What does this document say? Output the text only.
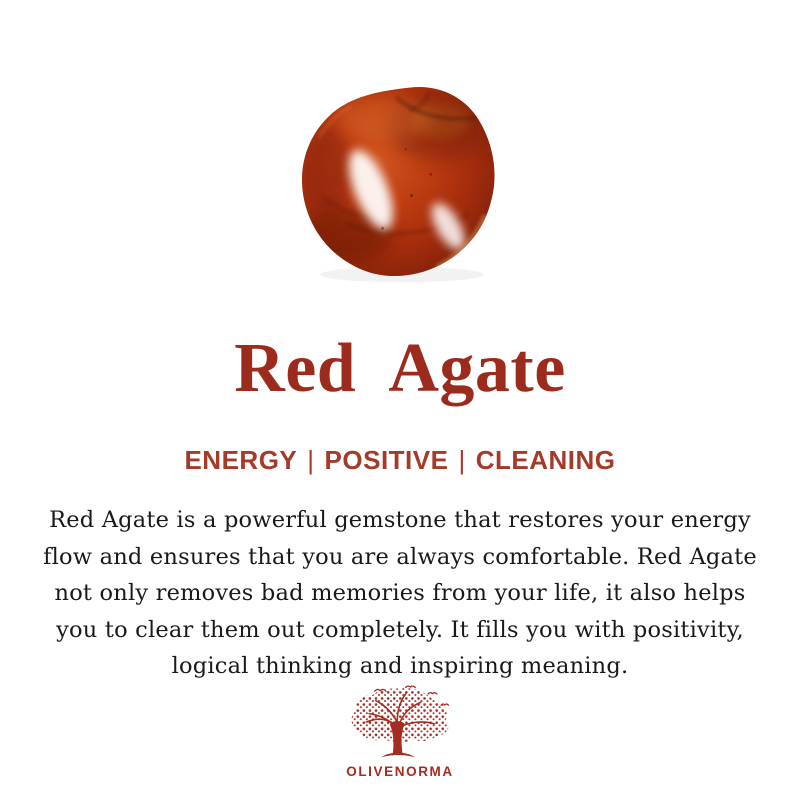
Red  Agate
ENERGY | POSITIVE | CLEANING
Red Agate is a powerful gemstone that restores your energy
flow and ensures that you are always comfortable. Red Agate
not only removes bad memories from your life, it also helps
you to clear them out completely. It fills you with positivity,
logical thinking and inspiring meaning.
OLIVENORMA
